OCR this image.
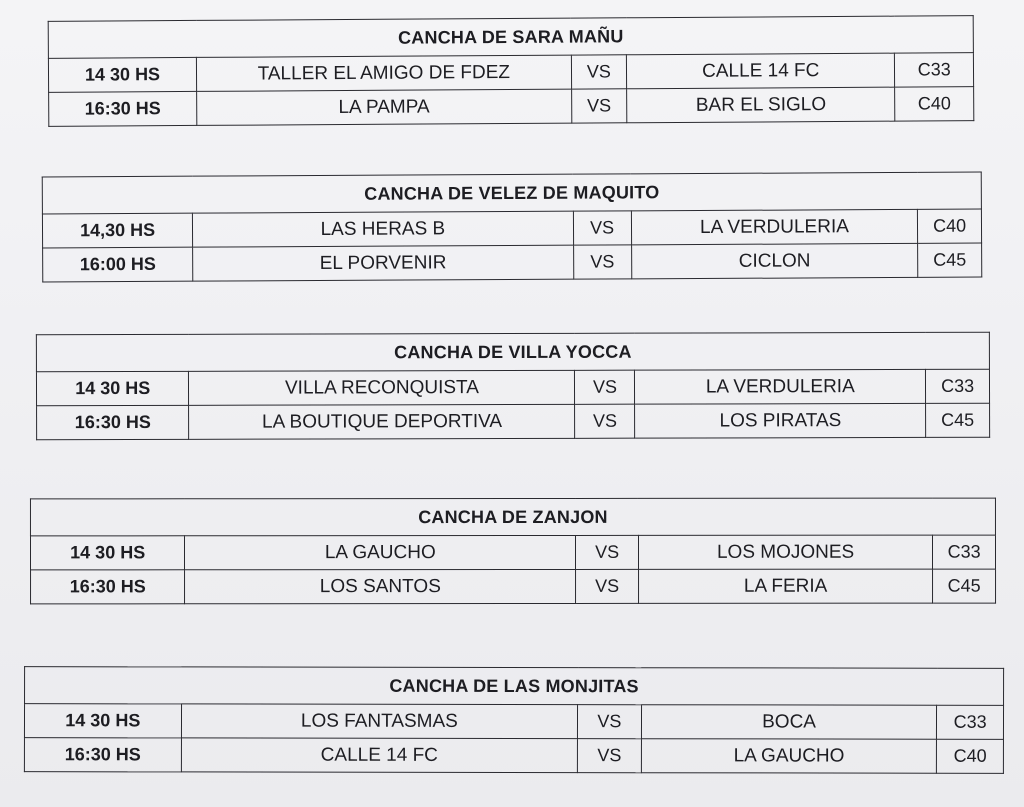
CANCHA DE SARA MAÑU				
14 30 HS	TALLER EL AMIGO DE FDEZ	VS	CALLE 14 FC	C33
16:30 HS	LA PAMPA	VS	BAR EL SIGLO	C40
CANCHA DE VELEZ DE MAQUITO				
14,30 HS	LAS HERAS B	VS	LA VERDULERIA	C40
16:00 HS	EL PORVENIR	VS	CICLON	C45
CANCHA DE VILLA YOCCA				
14 30 HS	VILLA RECONQUISTA	VS	LA VERDULERIA	C33
16:30 HS	LA BOUTIQUE DEPORTIVA	VS	LOS PIRATAS	C45
CANCHA DE ZANJON				
14 30 HS	LA GAUCHO	VS	LOS MOJONES	C33
16:30 HS	LOS SANTOS	VS	LA FERIA	C45
CANCHA DE LAS MONJITAS				
14 30 HS	LOS FANTASMAS	VS	BOCA	C33
16:30 HS	CALLE 14 FC	VS	LA GAUCHO	C40
